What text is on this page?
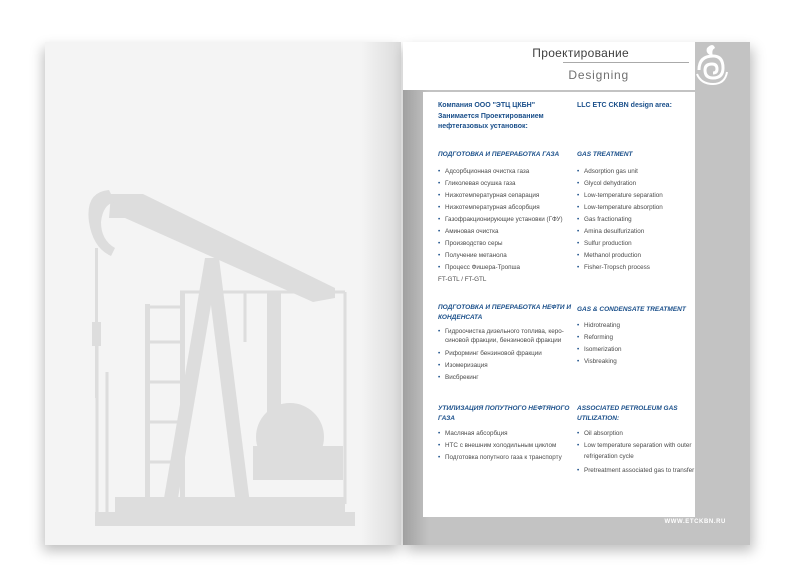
Проектирование
Designing
Компания ООО "ЭТЦ ЦКБН" Занимается Проектированием нефтегазовых установок:
LLC ETC CKBN design area:
ПОДГОТОВКА И ПЕРЕРАБОТКА ГАЗА
• Адсорбционная очистка газа
• Гликолевая осушка газа
• Низкотемпературная сепарация
• Низкотемпературная абсорбция
• Газофракционирующие установки (ГФУ)
• Аминовая очистка
• Производство серы
• Получение метанола
• Процесс Фишера-Тропша
FT-GTL / FT-GTL
GAS TREATMENT
• Adsorption gas unit
• Glycol dehydration
• Low-temperature separation
• Low-temperature absorption
• Gas fractionating
• Amina desulfurization
• Sulfur production
• Methanol production
• Fisher-Tropsch process
ПОДГОТОВКА И ПЕРЕРАБОТКА НЕФТИ И КОНДЕНСАТА
• Гидроочистка дизельного топлива, керо-синовой фракции, бензиновой фракции
• Риформинг бензиновой фракции
• Изомеризация
• Висбрекинг
GAS & CONDENSATE TREATMENT
• Hidrotreating
• Reforming
• Isomerization
• Visbreaking
УТИЛИЗАЦИЯ ПОПУТНОГО НЕФТЯНОГО ГАЗА
• Масляная абсорбция
• НТС с внешним холодильным циклом
• Подготовка попутного газа к транспорту
ASSOCIATED PETROLEUM GAS UTILIZATION:
• Oil absorption
• Low temperature separation with outer refrigeration cycle
• Pretreatment associated gas to transfer
WWW.ETCKBN.RU
